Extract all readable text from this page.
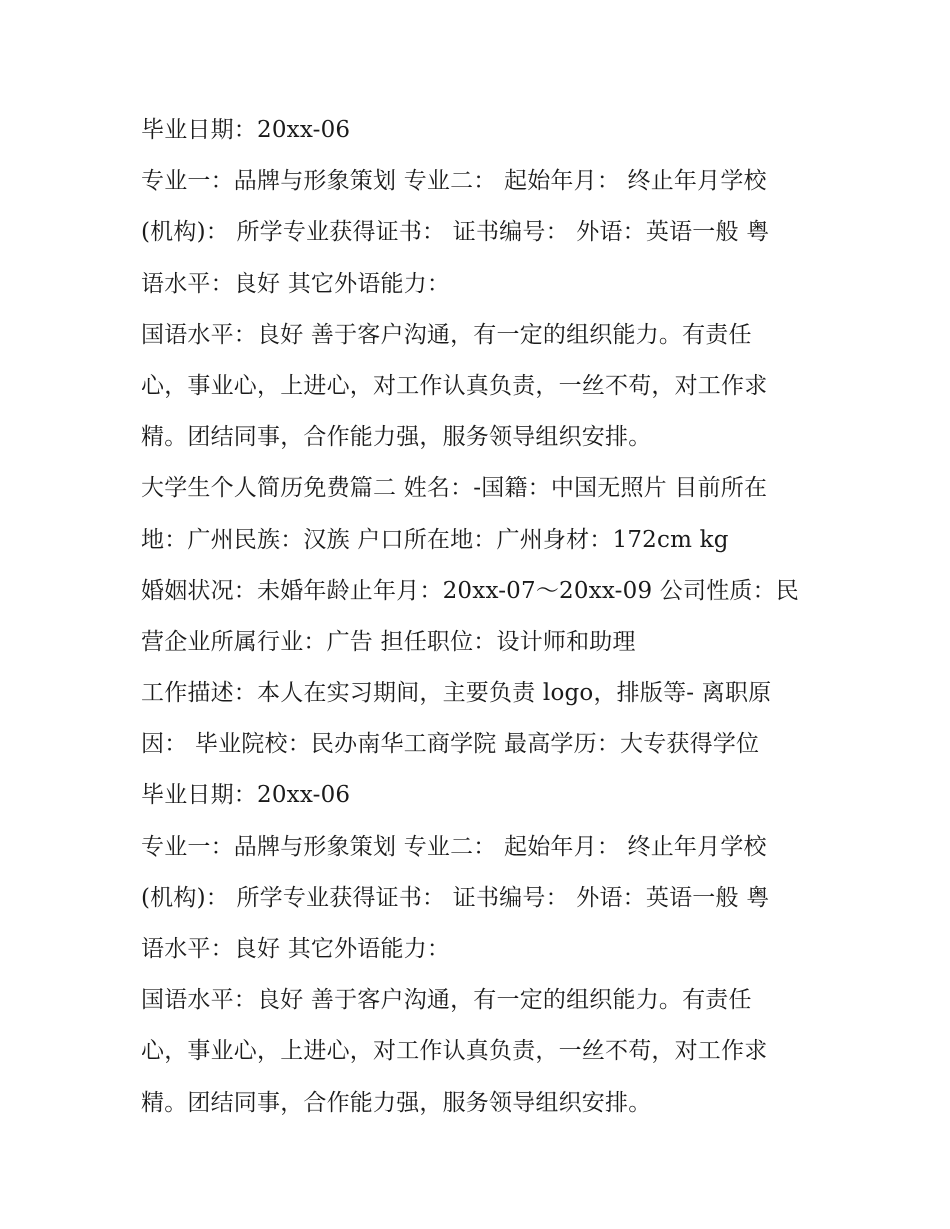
毕业日期：20xx-06
专业一：品牌与形象策划 专业二： 起始年月： 终止年月学校
(机构)： 所学专业获得证书： 证书编号： 外语：英语一般 粤
语水平：良好 其它外语能力：
国语水平：良好 善于客户沟通，有一定的组织能力。有责任
心，事业心，上进心，对工作认真负责，一丝不苟，对工作求
精。团结同事，合作能力强，服务领导组织安排。
大学生个人简历免费篇二 姓名：-国籍：中国无照片 目前所在
地：广州民族：汉族 户口所在地：广州身材：172cm kg
婚姻状况：未婚年龄止年月：20xx-07～20xx-09 公司性质：民
营企业所属行业：广告 担任职位：设计师和助理
工作描述：本人在实习期间，主要负责 logo，排版等- 离职原
因： 毕业院校：民办南华工商学院 最高学历：大专获得学位
毕业日期：20xx-06
专业一：品牌与形象策划 专业二： 起始年月： 终止年月学校
(机构)： 所学专业获得证书： 证书编号： 外语：英语一般 粤
语水平：良好 其它外语能力：
国语水平：良好 善于客户沟通，有一定的组织能力。有责任
心，事业心，上进心，对工作认真负责，一丝不苟，对工作求
精。团结同事，合作能力强，服务领导组织安排。
